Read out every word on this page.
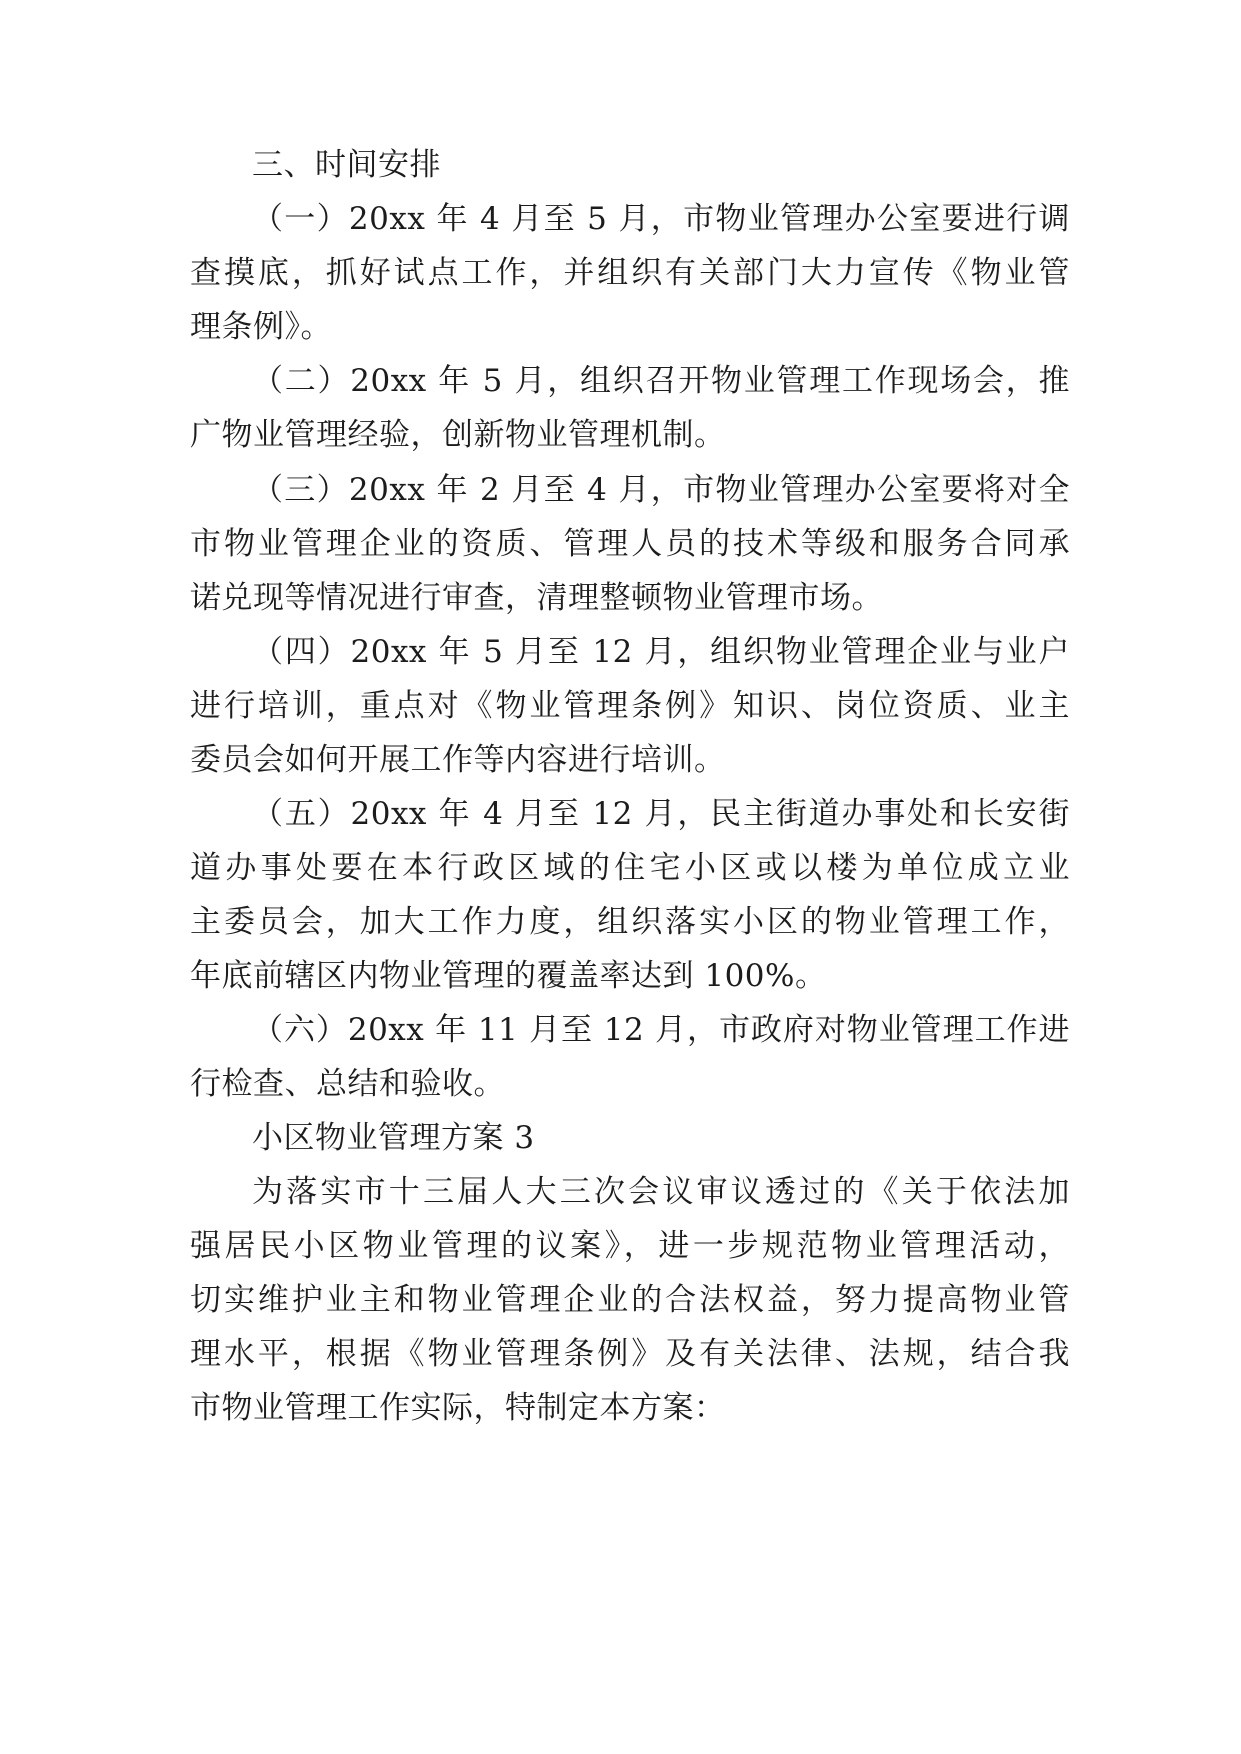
三、时间安排
（一）20xx 年 4 月至 5 月，市物业管理办公室要进行调
查摸底，抓好试点工作，并组织有关部门大力宣传《物业管
理条例》。
（二）20xx 年 5 月，组织召开物业管理工作现场会，推
广物业管理经验，创新物业管理机制。
（三）20xx 年 2 月至 4 月，市物业管理办公室要将对全
市物业管理企业的资质、管理人员的技术等级和服务合同承
诺兑现等情况进行审查，清理整顿物业管理市场。
（四）20xx 年 5 月至 12 月，组织物业管理企业与业户
进行培训，重点对《物业管理条例》知识、岗位资质、业主
委员会如何开展工作等内容进行培训。
（五）20xx 年 4 月至 12 月，民主街道办事处和长安街
道办事处要在本行政区域的住宅小区或以楼为单位成立业
主委员会，加大工作力度，组织落实小区的物业管理工作，
年底前辖区内物业管理的覆盖率达到 100%。
（六）20xx 年 11 月至 12 月，市政府对物业管理工作进
行检查、总结和验收。
小区物业管理方案 3
为落实市十三届人大三次会议审议透过的《关于依法加
强居民小区物业管理的议案》，进一步规范物业管理活动，
切实维护业主和物业管理企业的合法权益，努力提高物业管
理水平，根据《物业管理条例》及有关法律、法规，结合我
市物业管理工作实际，特制定本方案：
